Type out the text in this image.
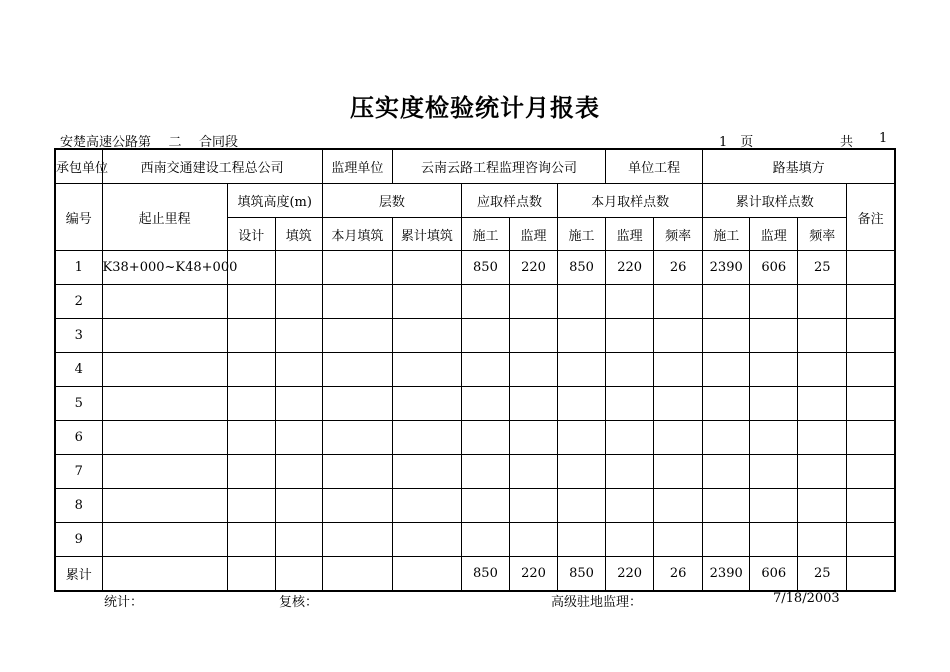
压实度检验统计月报表
安楚高速公路第 二 合同段	1　页	共 1
承包单位	西南交通建设工程总公司			监理单位	云南云路工程监理咨询公司				单位工程		路基填方			
编号	起止里程	填筑高度(m)		层数		应取样点数		本月取样点数			累计取样点数			备注
		设计	填筑	本月填筑	累计填筑	施工	监理	施工	监理	频率	施工	监理	频率	
1	K38+000~K48+000					850	220	850	220	26	2390	606	25	
2														
3														
4														
5														
6														
7														
8														
9														
累计						850	220	850	220	26	2390	606	25	
统计：	复核：	高级驻地监理：	7/18/2003
